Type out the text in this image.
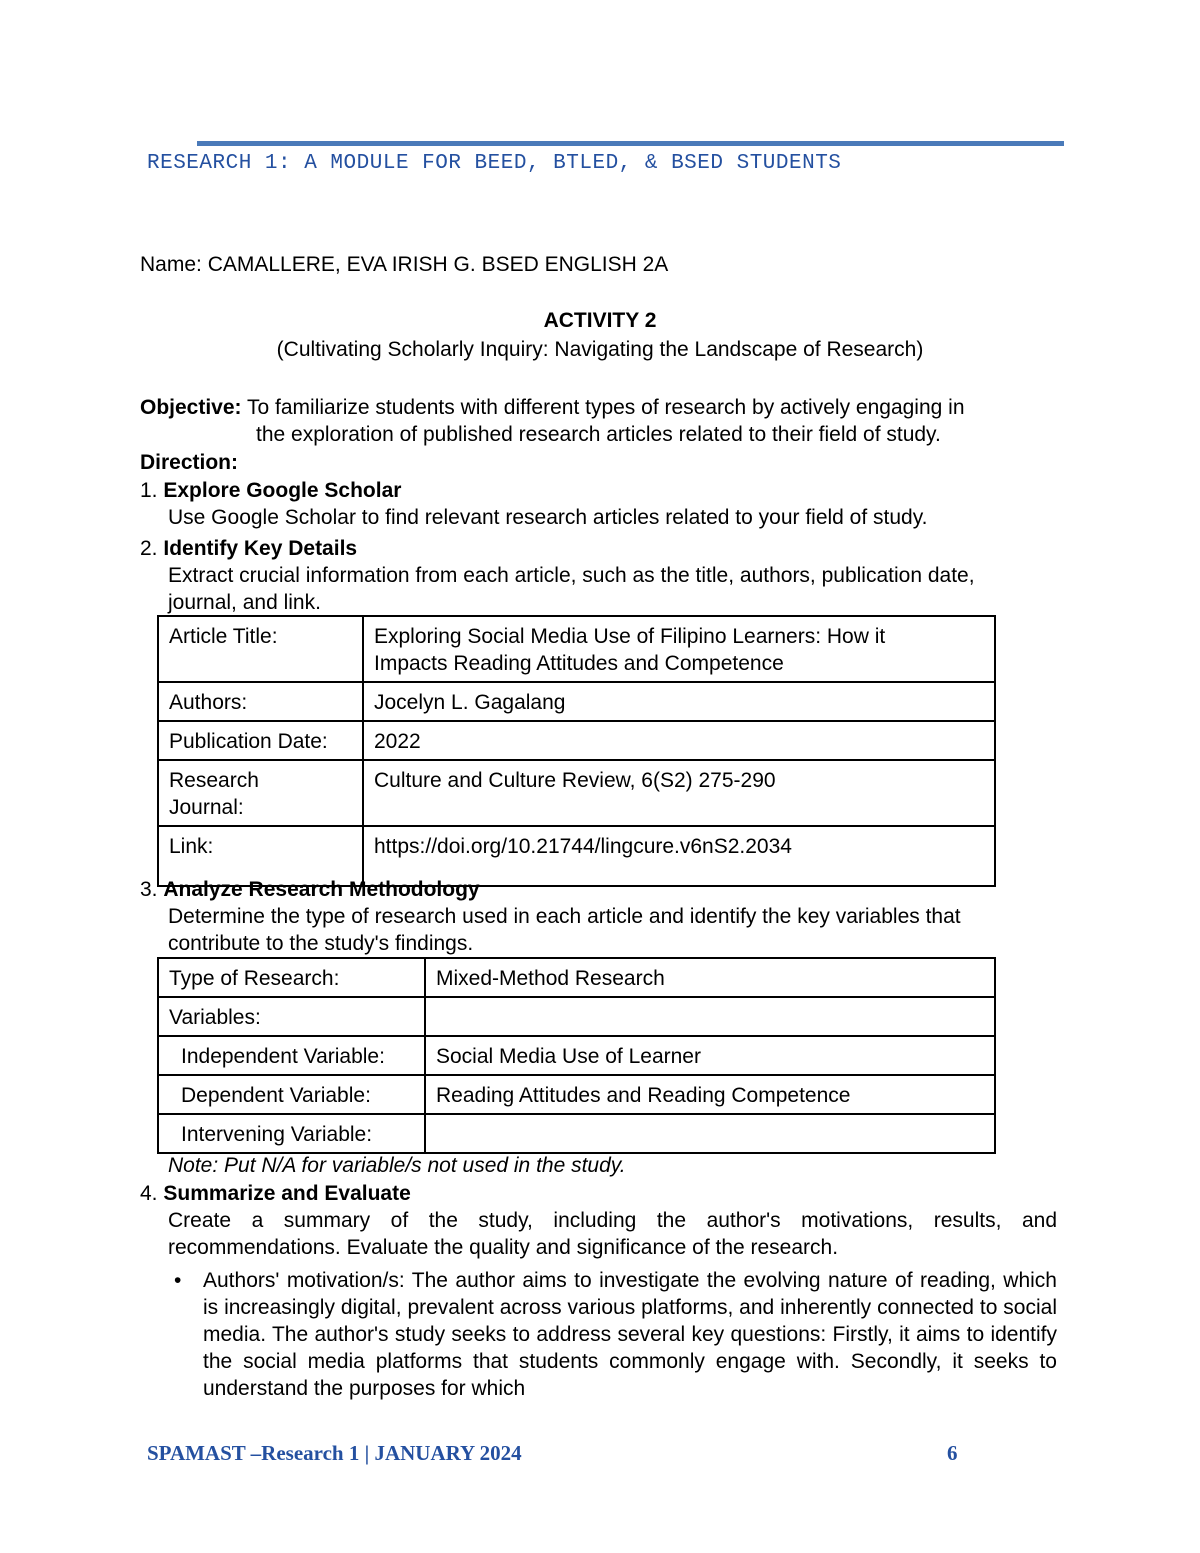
RESEARCH 1: A MODULE FOR BEED, BTLED, & BSED STUDENTS
Name: CAMALLERE, EVA IRISH G. BSED ENGLISH 2A
ACTIVITY 2
(Cultivating Scholarly Inquiry: Navigating the Landscape of Research)
Objective: To familiarize students with different types of research by actively engaging in
the exploration of published research articles related to their field of study.
Direction:
1. Explore Google Scholar
Use Google Scholar to find relevant research articles related to your field of study.
2. Identify Key Details
Extract crucial information from each article, such as the title, authors, publication date,
journal, and link.
Article Title:	Exploring Social Media Use of Filipino Learners: How it
Impacts Reading Attitudes and Competence

Authors:	Jocelyn L. Gagalang
Publication Date:	2022

Research
Journal:	Culture and Culture Review, 6(S2) 275-290
Link:	https://doi.org/10.21744/lingcure.v6nS2.2034
3. Analyze Research Methodology
Determine the type of research used in each article and identify the key variables that
contribute to the study's findings.
Type of Research:	Mixed-Method Research
Variables:	
Independent Variable:	Social Media Use of Learner
Dependent Variable:	Reading Attitudes and Reading Competence
Intervening Variable:	
Note: Put N/A for variable/s not used in the study.
4. Summarize and Evaluate
Create a summary of the study, including the author's motivations, results, and recommendations. Evaluate the quality and significance of the research.
• Authors' motivation/s: The author aims to investigate the evolving nature of reading, which is increasingly digital, prevalent across various platforms, and inherently connected to social media. The author's study seeks to address several key questions: Firstly, it aims to identify the social media platforms that students commonly engage with. Secondly, it seeks to understand the purposes for which
SPAMAST –Research 1 | JANUARY 2024	6
